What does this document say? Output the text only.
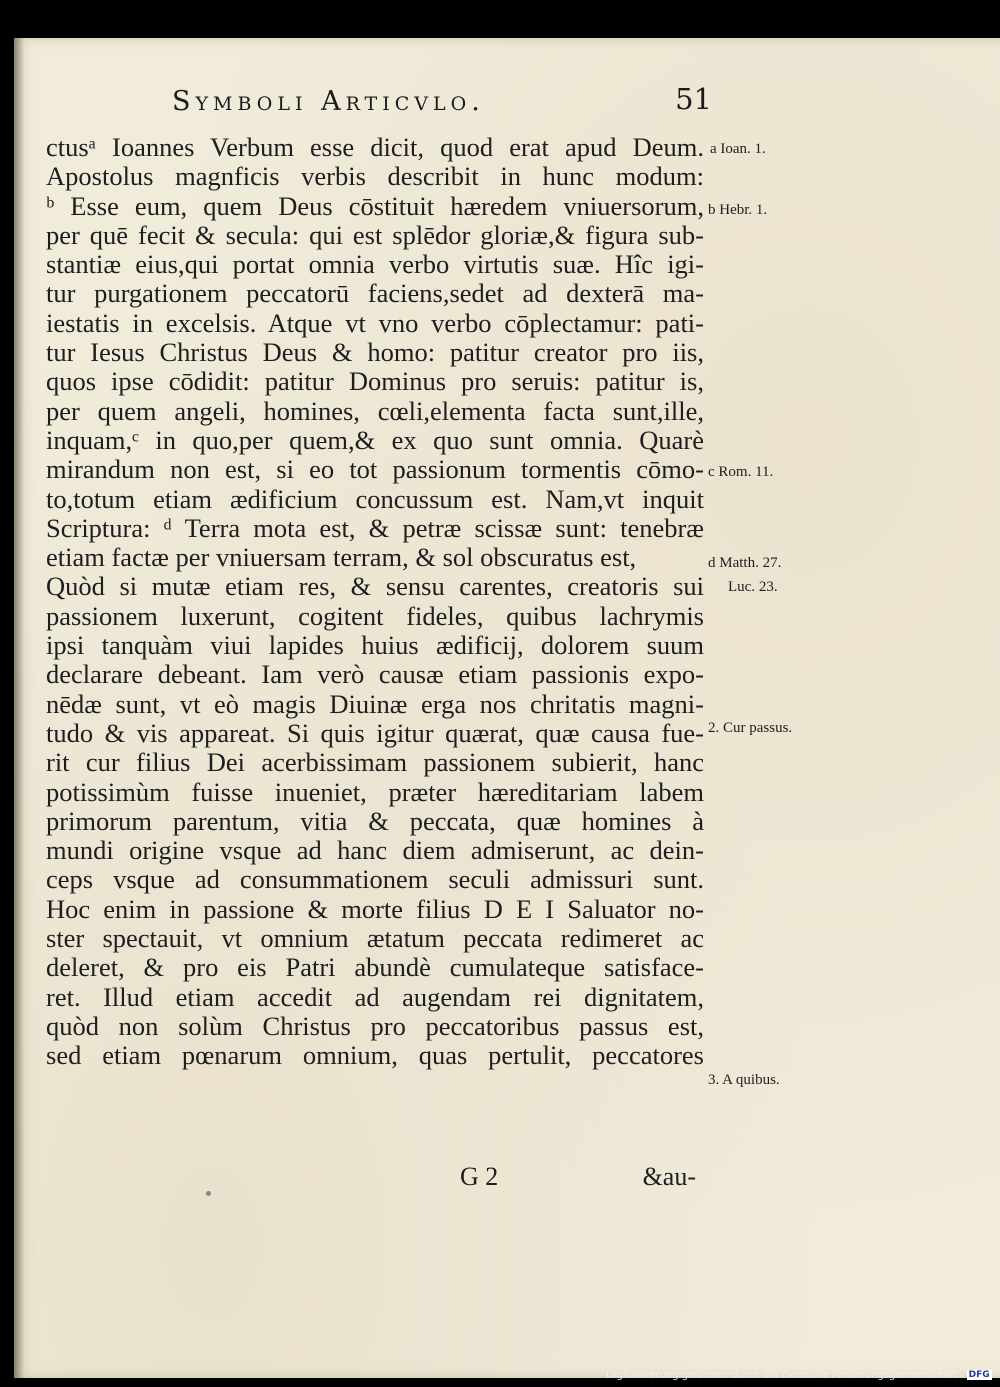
Symboli Articvlo.	51
ctusᵃ Ioannes Verbum esse dicit, quod erat apud Deum.
Apostolus magnficis verbis describit in hunc modum:
ᵇ Esse eum, quem Deus cōstituit hæredem vniuersorum,
per quē fecit & secula: qui est splēdor gloriæ,& figura sub-
stantiæ eius,qui portat omnia verbo virtutis suæ. Hîc igi-
tur purgationem peccatorū faciens,sedet ad dexterā ma-
iestatis in excelsis. Atque vt vno verbo cōplectamur: pati-
tur Iesus Christus Deus & homo: patitur creator pro iis,
quos ipse cōdidit: patitur Dominus pro seruis: patitur is,
per quem angeli, homines, cœli,elementa facta sunt,ille,
inquam,ᶜ in quo,per quem,& ex quo sunt omnia. Quarè
mirandum non est, si eo tot passionum tormentis cōmo-
to,totum etiam ædificium concussum est. Nam,vt inquit
Scriptura: ᵈ Terra mota est, & petræ scissæ sunt: tenebræ
etiam factæ per vniuersam terram, & sol obscuratus est,
Quòd si mutæ etiam res, & sensu carentes, creatoris sui
passionem luxerunt, cogitent fideles, quibus lachrymis
ipsi tanquàm viui lapides huius ædificij, dolorem suum
declarare debeant. Iam verò causæ etiam passionis expo-
nēdæ sunt, vt eò magis Diuinæ erga nos chritatis magni-
tudo & vis appareat. Si quis igitur quærat, quæ causa fue-
rit cur filius Dei acerbissimam passionem subierit, hanc
potissimùm fuisse inueniet, præter hæreditariam labem
primorum parentum, vitia & peccata, quæ homines à
mundi origine vsque ad hanc diem admiserunt, ac dein-
ceps vsque ad consummationem seculi admissuri sunt.
Hoc enim in passione & morte filius D E I Saluator no-
ster spectauit, vt omnium ætatum peccata redimeret ac
deleret, & pro eis Patri abundè cumulateque satisface-
ret. Illud etiam accedit ad augendam rei dignitatem,
quòd non solùm Christus pro peccatoribus passus est,
sed etiam pœnarum omnium, quas pertulit, peccatores
a Ioan. 1.
b Hebr. 1.
c Rom. 11.
d Matth. 27.
Luc. 23.
2. Cur passus.
3. A quibus.
G 2	&au-
Digitalisierung gefördert durch die Deutsche Forschungsgemeinschaft - DFG
